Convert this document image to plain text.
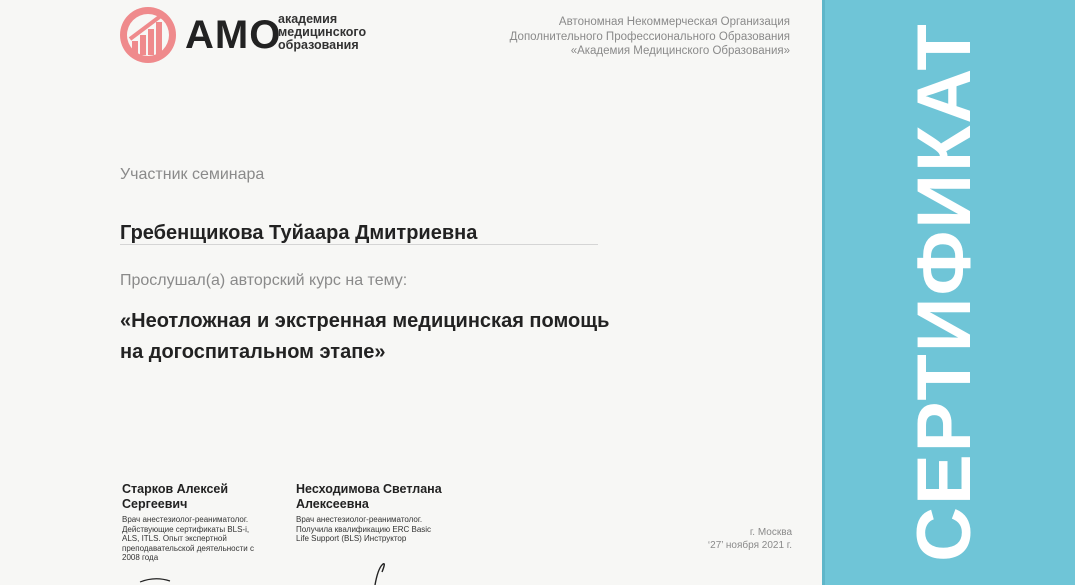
АМО
академия
медицинского
образования
Автономная Некоммерческая Организация
Дополнительного Профессионального Образования
«Академия Медицинского Образования»
Участник семинара
Гребенщикова Туйаара Дмитриевна
Прослушал(а) авторский курс на тему:
«Неотложная и экстренная медицинская помощь
на догоспитальном этапе»
Старков Алексей
Сергеевич
Врач анестезиолог-реаниматолог.
Действующие сертификаты BLS-i,
ALS, ITLS. Опыт экспертной
преподавательской деятельности с
2008 года
Несходимова Светлана
Алексеевна
Врач анестезиолог-реаниматолог.
Получила квалификацию ERC Basic
Life Support (BLS) Инструктор
г. Москва
‘27’ ноября 2021 г. СЕРТИФИКАТ
